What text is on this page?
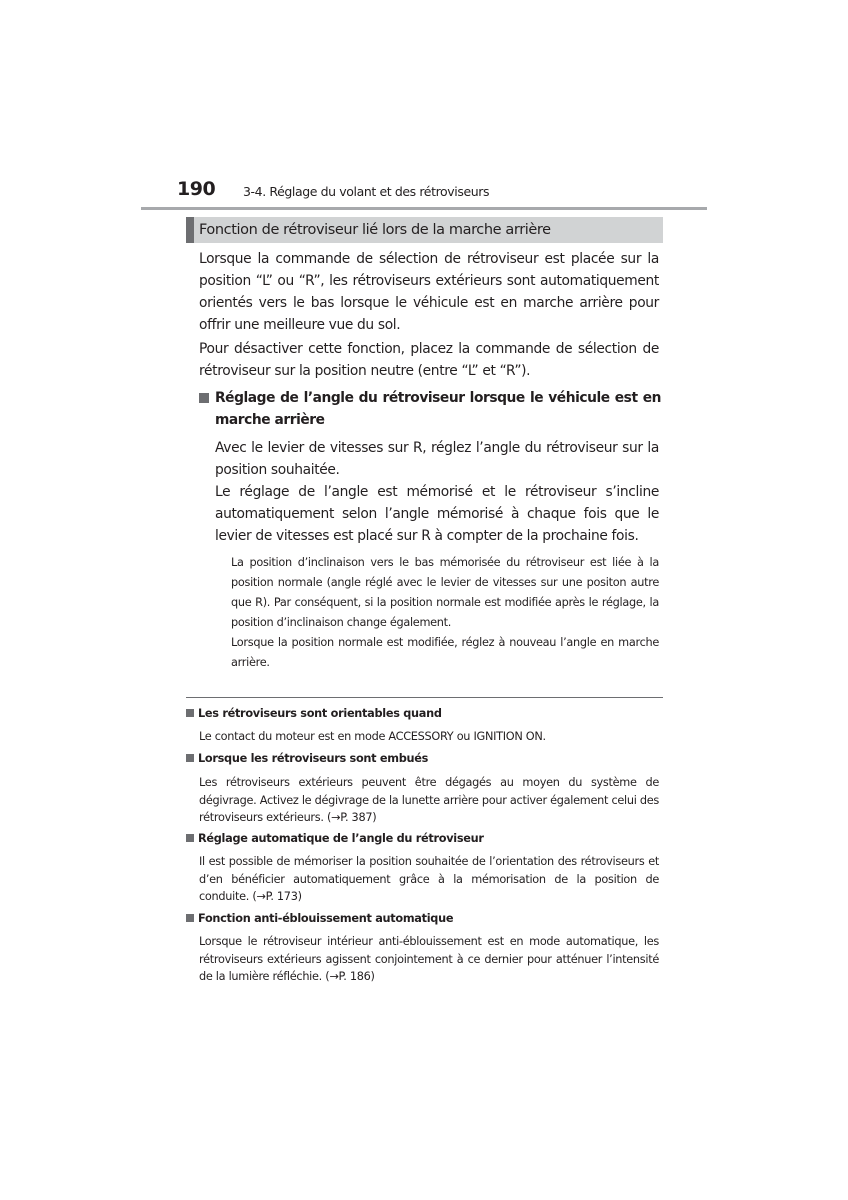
190 3-4. Réglage du volant et des rétroviseurs
Fonction de rétroviseur lié lors de la marche arrière

Lorsque la commande de sélection de rétroviseur est placée sur la position “L” ou “R”, les rétroviseurs extérieurs sont automatiquement orientés vers le bas lorsque le véhicule est en marche arrière pour offrir une meilleure vue du sol.

Pour désactiver cette fonction, placez la commande de sélection de rétroviseur sur la position neutre (entre “L” et “R”).

Réglage de l’angle du rétroviseur lorsque le véhicule est en marche arrière

Avec le levier de vitesses sur R, réglez l’angle du rétroviseur sur la position souhaitée.

Le réglage de l’angle est mémorisé et le rétroviseur s’incline automatiquement selon l’angle mémorisé à chaque fois que le levier de vitesses est placé sur R à compter de la prochaine fois.

La position d’inclinaison vers le bas mémorisée du rétroviseur est liée à la position normale (angle réglé avec le levier de vitesses sur une positon autre que R). Par conséquent, si la position normale est modifiée après le réglage, la position d’inclinaison change également.

Lorsque la position normale est modifiée, réglez à nouveau l’angle en marche arrière.

Les rétroviseurs sont orientables quand

Le contact du moteur est en mode ACCESSORY ou IGNITION ON.

Lorsque les rétroviseurs sont embués

Les rétroviseurs extérieurs peuvent être dégagés au moyen du système de dégivrage. Activez le dégivrage de la lunette arrière pour activer également celui des rétroviseurs extérieurs. (→P. 387)

Réglage automatique de l’angle du rétroviseur

Il est possible de mémoriser la position souhaitée de l’orientation des rétroviseurs et d’en bénéficier automatiquement grâce à la mémorisation de la position de conduite. (→P. 173)

Fonction anti-éblouissement automatique

Lorsque le rétroviseur intérieur anti-éblouissement est en mode automatique, les rétroviseurs extérieurs agissent conjointement à ce dernier pour atténuer l’intensité de la lumière réfléchie. (→P. 186)
